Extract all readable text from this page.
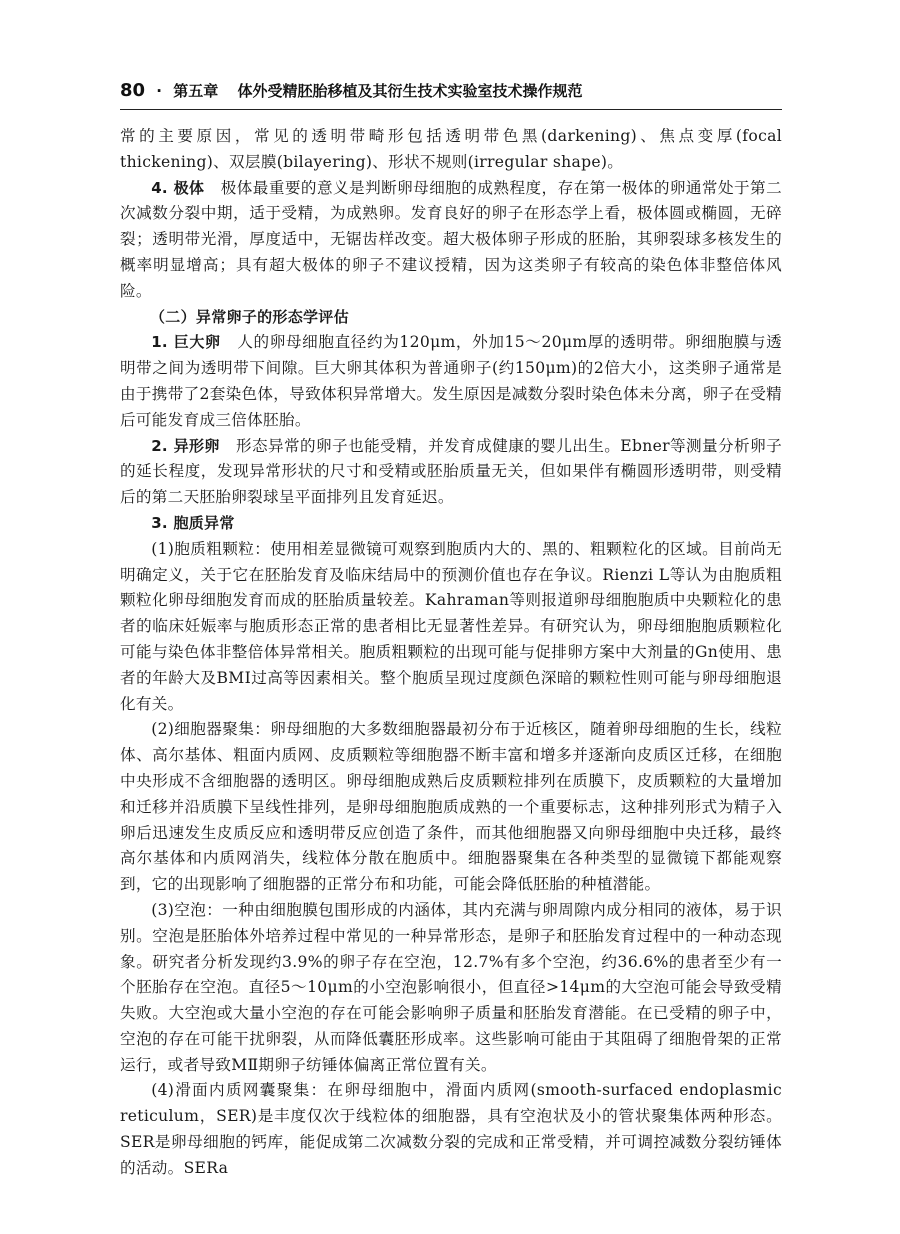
80 · 第五章 体外受精胚胎移植及其衍生技术实验室技术操作规范

常的主要原因，常见的透明带畸形包括透明带色黑(darkening)、焦点变厚(focal thickening)、双层膜(bilayering)、形状不规则(irregular shape)。

4. 极体 极体最重要的意义是判断卵母细胞的成熟程度，存在第一极体的卵通常处于第二次减数分裂中期，适于受精，为成熟卵。发育良好的卵子在形态学上看，极体圆或椭圆，无碎裂；透明带光滑，厚度适中，无锯齿样改变。超大极体卵子形成的胚胎，其卵裂球多核发生的概率明显增高；具有超大极体的卵子不建议授精，因为这类卵子有较高的染色体非整倍体风险。

（二）异常卵子的形态学评估

1. 巨大卵 人的卵母细胞直径约为120μm，外加15～20μm厚的透明带。卵细胞膜与透明带之间为透明带下间隙。巨大卵其体积为普通卵子(约150μm)的2倍大小，这类卵子通常是由于携带了2套染色体，导致体积异常增大。发生原因是减数分裂时染色体未分离，卵子在受精后可能发育成三倍体胚胎。

2. 异形卵 形态异常的卵子也能受精，并发育成健康的婴儿出生。Ebner等测量分析卵子的延长程度，发现异常形状的尺寸和受精或胚胎质量无关，但如果伴有椭圆形透明带，则受精后的第二天胚胎卵裂球呈平面排列且发育延迟。

3. 胞质异常

(1)胞质粗颗粒：使用相差显微镜可观察到胞质内大的、黑的、粗颗粒化的区域。目前尚无明确定义，关于它在胚胎发育及临床结局中的预测价值也存在争议。Rienzi L等认为由胞质粗颗粒化卵母细胞发育而成的胚胎质量较差。Kahraman等则报道卵母细胞胞质中央颗粒化的患者的临床妊娠率与胞质形态正常的患者相比无显著性差异。有研究认为，卵母细胞胞质颗粒化可能与染色体非整倍体异常相关。胞质粗颗粒的出现可能与促排卵方案中大剂量的Gn使用、患者的年龄大及BMI过高等因素相关。整个胞质呈现过度颜色深暗的颗粒性则可能与卵母细胞退化有关。

(2)细胞器聚集：卵母细胞的大多数细胞器最初分布于近核区，随着卵母细胞的生长，线粒体、高尔基体、粗面内质网、皮质颗粒等细胞器不断丰富和增多并逐渐向皮质区迁移，在细胞中央形成不含细胞器的透明区。卵母细胞成熟后皮质颗粒排列在质膜下，皮质颗粒的大量增加和迁移并沿质膜下呈线性排列，是卵母细胞胞质成熟的一个重要标志，这种排列形式为精子入卵后迅速发生皮质反应和透明带反应创造了条件，而其他细胞器又向卵母细胞中央迁移，最终高尔基体和内质网消失，线粒体分散在胞质中。细胞器聚集在各种类型的显微镜下都能观察到，它的出现影响了细胞器的正常分布和功能，可能会降低胚胎的种植潜能。

(3)空泡：一种由细胞膜包围形成的内涵体，其内充满与卵周隙内成分相同的液体，易于识别。空泡是胚胎体外培养过程中常见的一种异常形态，是卵子和胚胎发育过程中的一种动态现象。研究者分析发现约3.9%的卵子存在空泡，12.7%有多个空泡，约36.6%的患者至少有一个胚胎存在空泡。直径5～10μm的小空泡影响很小，但直径>14μm的大空泡可能会导致受精失败。大空泡或大量小空泡的存在可能会影响卵子质量和胚胎发育潜能。在已受精的卵子中，空泡的存在可能干扰卵裂，从而降低囊胚形成率。这些影响可能由于其阻碍了细胞骨架的正常运行，或者导致MⅡ期卵子纺锤体偏离正常位置有关。

(4)滑面内质网囊聚集：在卵母细胞中，滑面内质网(smooth-surfaced endoplasmic reticulum，SER)是丰度仅次于线粒体的细胞器，具有空泡状及小的管状聚集体两种形态。SER是卵母细胞的钙库，能促成第二次减数分裂的完成和正常受精，并可调控减数分裂纺锤体的活动。SERa
